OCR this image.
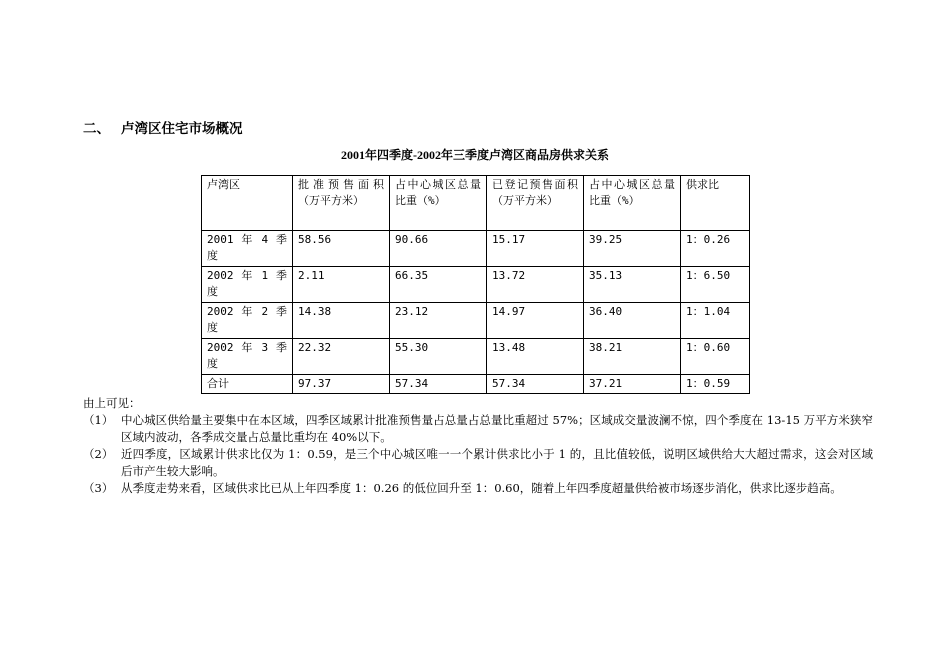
二、 卢湾区住宅市场概况
2001年四季度-2002年三季度卢湾区商品房供求关系
卢湾区	批准预售面积（万平方米）	占中心城区总量比重（%）	已登记预售面积（万平方米）	占中心城区总量比重（%）	供求比
2001 年 4 季度	58.56	90.66	15.17	39.25	1：0.26
2002 年 1 季度	2.11	66.35	13.72	35.13	1：6.50
2002 年 2 季度	14.38	23.12	14.97	36.40	1：1.04
2002 年 3 季度	22.32	55.30	13.48	38.21	1：0.60
合计	97.37	57.34	57.34	37.21	1：0.59
由上可见：
（1） 中心城区供给量主要集中在本区域，四季区域累计批准预售量占总量占总量比重超过 57%；区域成交量波澜不惊，四个季度在 13-15 万平方米狭窄区域内波动，各季成交量占总量比重均在 40%以下。
（2） 近四季度，区域累计供求比仅为 1：0.59，是三个中心城区唯一一个累计供求比小于 1 的，且比值较低，说明区域供给大大超过需求，这会对区域后市产生较大影响。
（3） 从季度走势来看，区域供求比已从上年四季度 1：0.26 的低位回升至 1：0.60，随着上年四季度超量供给被市场逐步消化，供求比逐步趋高。
